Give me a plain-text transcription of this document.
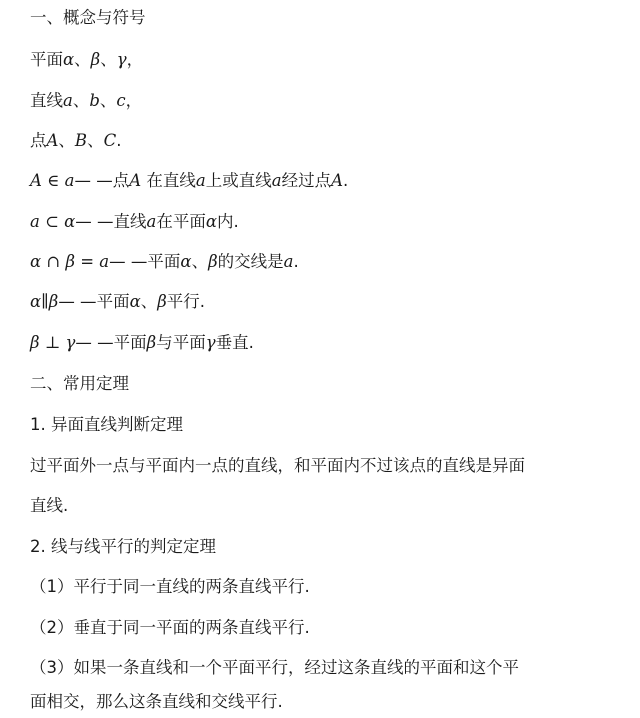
一、概念与符号
平面α、β、γ，
直线a、b、c，
点A、B、C.
A ∈ a— —点A 在直线a上或直线a经过点A.
a ⊂ α— —直线a在平面α内.
α ∩ β = a— —平面α、β的交线是a.
α∥β— —平面α、β平行.
β ⊥ γ— —平面β与平面γ垂直.
二、常用定理
1. 异面直线判断定理
过平面外一点与平面内一点的直线，和平面内不过该点的直线是异面
直线.
2. 线与线平行的判定定理
（1）平行于同一直线的两条直线平行.
（2）垂直于同一平面的两条直线平行.
（3）如果一条直线和一个平面平行，经过这条直线的平面和这个平
面相交，那么这条直线和交线平行.
